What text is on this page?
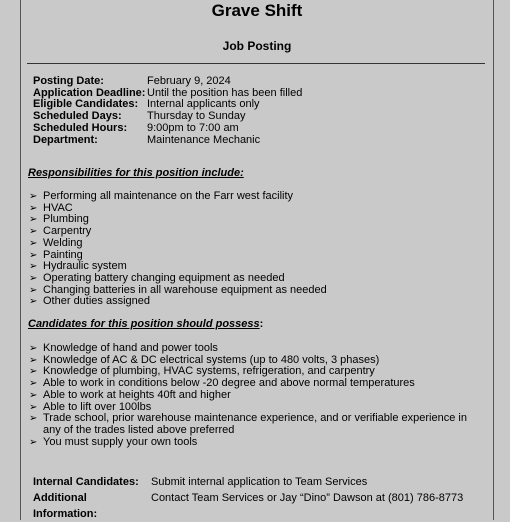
Grave Shift
Job Posting
Posting Date:	February 9, 2024
Application Deadline: Until the position has been filled
Eligible Candidates: Internal applicants only
Scheduled Days:	Thursday to Sunday
Scheduled Hours:	9:00pm to 7:00 am
Department:	Maintenance Mechanic
Responsibilities for this position include:
➢ Performing all maintenance on the Farr west facility
➢ HVAC
➢ Plumbing
➢ Carpentry
➢ Welding
➢ Painting
➢ Hydraulic system
➢ Operating battery changing equipment as needed
➢ Changing batteries in all warehouse equipment as needed
➢ Other duties assigned
Candidates for this position should possess:
➢ Knowledge of hand and power tools
➢ Knowledge of AC & DC electrical systems (up to 480 volts, 3 phases)
➢ Knowledge of plumbing, HVAC systems, refrigeration, and carpentry
➢ Able to work in conditions below -20 degree and above normal temperatures
➢ Able to work at heights 40ft and higher
➢ Able to lift over 100lbs
➢ Trade school, prior warehouse maintenance experience, and or verifiable experience in any of the trades listed above preferred
➢ You must supply your own tools
Internal Candidates:	Submit internal application to Team Services
Additional Information:
Contact Team Services or Jay “Dino” Dawson at (801) 786-8773
